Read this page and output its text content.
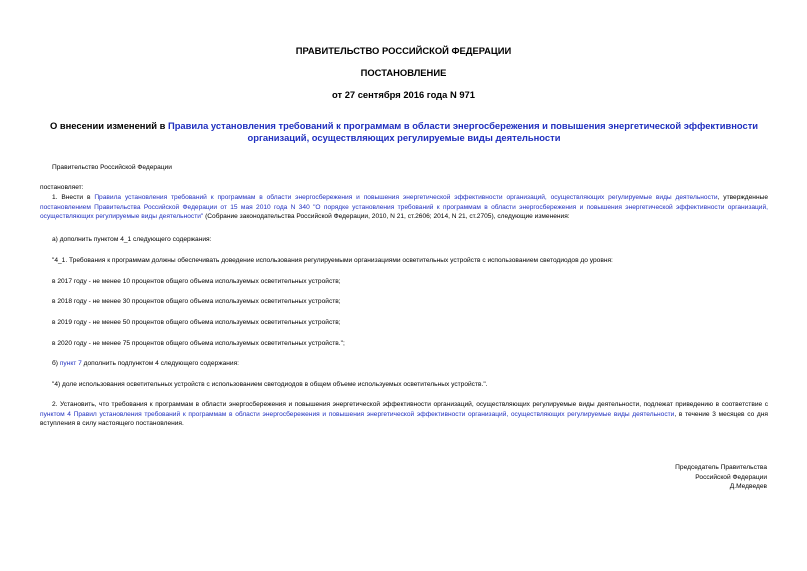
ПРАВИТЕЛЬСТВО РОССИЙСКОЙ ФЕДЕРАЦИИ
ПОСТАНОВЛЕНИЕ
от 27 сентября 2016 года N 971
О внесении изменений в Правила установления требований к программам в области энергосбережения и повышения энергетической эффективности организаций, осуществляющих регулируемые виды деятельности
Правительство Российской Федерации
постановляет:
1. Внести в Правила установления требований к программам в области энергосбережения и повышения энергетической эффективности организаций, осуществляющих регулируемые виды деятельности, утвержденные постановлением Правительства Российской Федерации от 15 мая 2010 года N 340 "О порядке установления требований к программам в области энергосбережения и повышения энергетической эффективности организаций, осуществляющих регулируемые виды деятельности" (Собрание законодательства Российской Федерации, 2010, N 21, ст.2606; 2014, N 21, ст.2705), следующие изменения:
а) дополнить пунктом 4_1 следующего содержания:
"4_1. Требования к программам должны обеспечивать доведение использования регулируемыми организациями осветительных устройств с использованием светодиодов до уровня:
в 2017 году - не менее 10 процентов общего объема используемых осветительных устройств;
в 2018 году - не менее 30 процентов общего объема используемых осветительных устройств;
в 2019 году - не менее 50 процентов общего объема используемых осветительных устройств;
в 2020 году - не менее 75 процентов общего объема используемых осветительных устройств.";
б) пункт 7 дополнить подпунктом 4 следующего содержания:
"4) доле использования осветительных устройств с использованием светодиодов в общем объеме используемых осветительных устройств.".
2. Установить, что требования к программам в области энергосбережения и повышения энергетической эффективности организаций, осуществляющих регулируемые виды деятельности, подлежат приведению в соответствие с пунктом 4 Правил установления требований к программам в области энергосбережения и повышения энергетической эффективности организаций, осуществляющих регулируемые виды деятельности, в течение 3 месяцев со дня вступления в силу настоящего постановления.
Председатель Правительства
Российской Федерации
Д.Медведев
